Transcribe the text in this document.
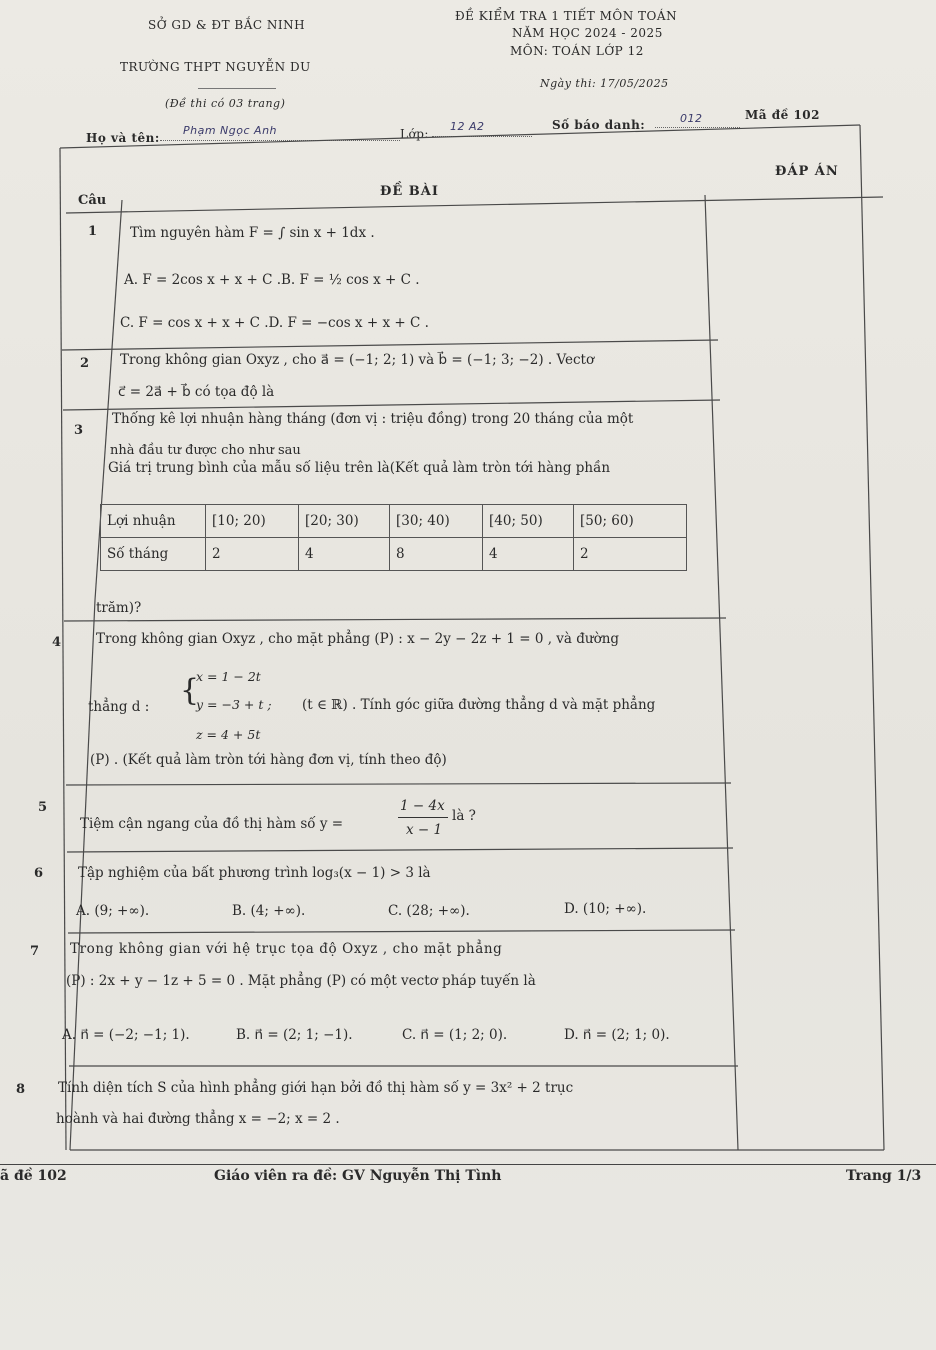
SỞ GD & ĐT BẮC NINH
TRƯỜNG THPT NGUYỄN DU
(Đề thi có 03 trang)
ĐỀ KIỂM TRA 1 TIẾT MÔN TOÁN
NĂM HỌC 2024 - 2025
MÔN: TOÁN LỚP 12
Ngày thi: 17/05/2025
Họ và tên:
Phạm Ngọc Anh	Lớp:
12 A2	Số báo danh:	012	Mã đề 102
Câu
ĐỀ BÀI
ĐÁP ÁN
1 Tìm nguyên hàm F = ∫ sin x + 1dx .
A. F = 2cos x + x + C .B. F = ½ cos x + C .
C. F = cos x + x + C .D. F = −cos x + x + C .
2 Trong không gian Oxyz , cho a⃗ = (−1; 2; 1) và b⃗ = (−1; 3; −2) . Vectơ
c⃗ = 2a⃗ + b⃗ có tọa độ là
3
Thống kê lợi nhuận hàng tháng (đơn vị : triệu đồng) trong 20 tháng của một
nhà đầu tư được cho như sau
Giá trị trung bình của mẫu số liệu trên là(Kết quả làm tròn tới hàng phần
Lợi nhuận	[10; 20)	[20; 30)	[30; 40)	[40; 50)	[50; 60)
Số tháng	2	4	8	4	2
trăm)?
4	Trong không gian Oxyz , cho mặt phẳng (P) : x − 2y − 2z + 1 = 0 , và đường
thẳng d : {
x = 1 − 2t
y = −3 + t ;
z = 4 + 5t
(t ∈ ℝ) . Tính góc giữa đường thẳng d và mặt phẳng
(P) . (Kết quả làm tròn tới hàng đơn vị, tính theo độ)
5
Tiệm cận ngang của đồ thị hàm số y =
1 − 4x
x − 1
là ?
6	Tập nghiệm của bất phương trình log₃(x − 1) > 3 là
A. (9; +∞).	B. (4; +∞).	C. (28; +∞).	D. (10; +∞).
7 Trong không gian với hệ trục tọa độ Oxyz , cho mặt phẳng
(P) : 2x + y − 1z + 5 = 0 . Mặt phẳng (P) có một vectơ pháp tuyến là
A. n⃗ = (−2; −1; 1).	B. n⃗ = (2; 1; −1).	C. n⃗ = (1; 2; 0).	D. n⃗ = (2; 1; 0).
8 Tính diện tích S của hình phẳng giới hạn bởi đồ thị hàm số y = 3x² + 2 trục
hoành và hai đường thẳng x = −2; x = 2 .
ã đề 102	Giáo viên ra đề: GV Nguyễn Thị Tình	Trang 1/3
